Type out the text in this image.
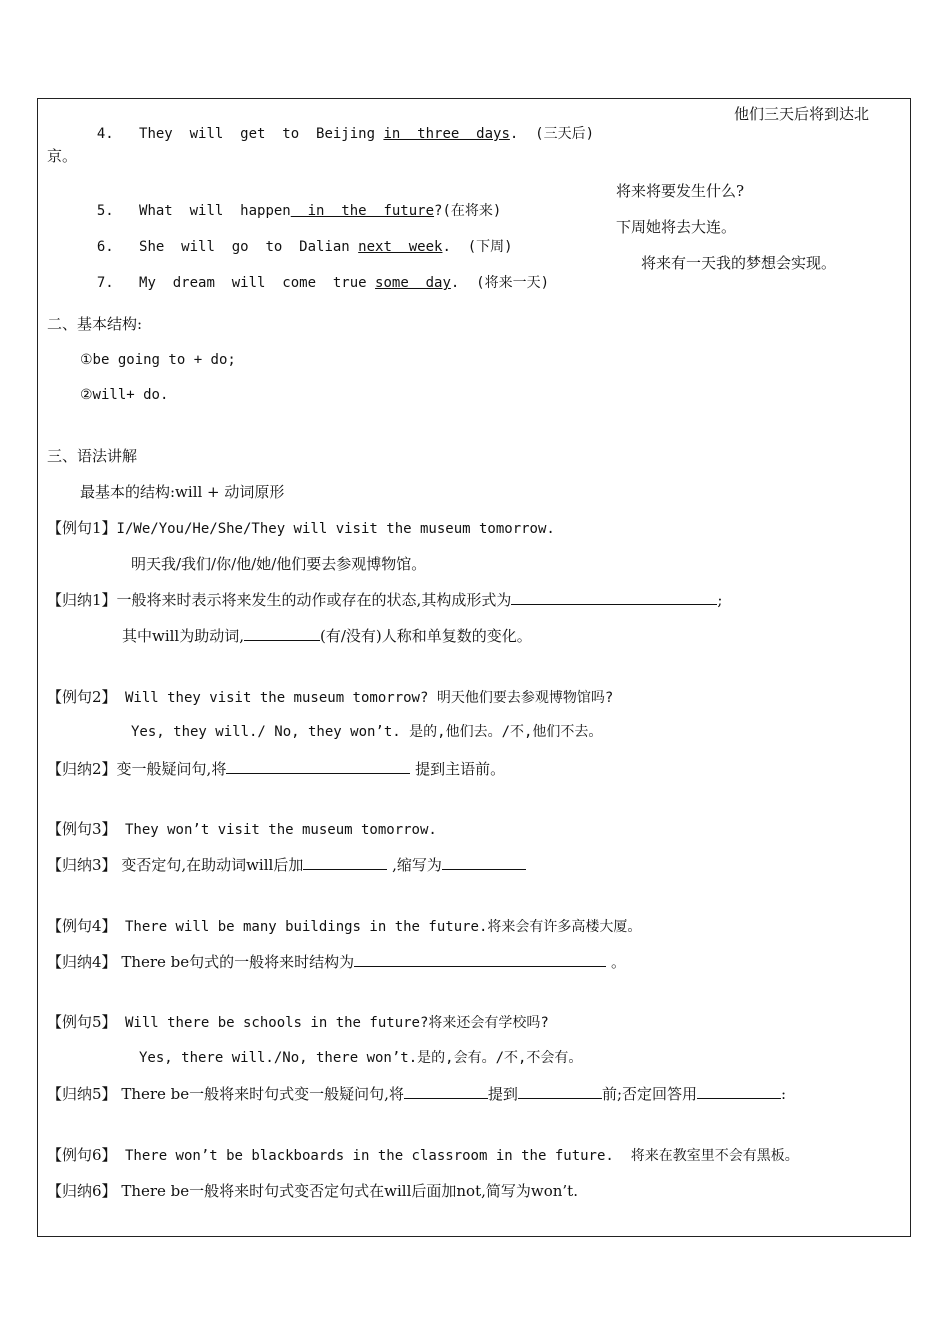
4. They  will  get  to  Beijing in  three  days.  (三天后)

他们三天后将到达北
京。

5. What  will  happen  in  the  future?(在将来)

将来将要发生什么?

6. She  will  go  to  Dalian next  week.  (下周)

下周她将去大连。

7. My  dream  will  come  true some  day.  (将来一天)

将来有一天我的梦想会实现。
二、基本结构:
①be going to + do;
②will+ do.
三、语法讲解
最基本的结构:will + 动词原形
【例句1】I/We/You/He/She/They will visit the museum tomorrow.
明天我/我们/你/他/她/他们要去参观博物馆。
【归纳1】一般将来时表示将来发生的动作或存在的状态,其构成形式为	;
其中will为助动词,	(有/没有)人称和单复数的变化。
【例句2】 Will they visit the museum tomorrow? 明天他们要去参观博物馆吗?
Yes, they will./ No, they won’t. 是的,他们去。/不,他们不去。
【归纳2】变一般疑问句,将	提到主语前。
【例句3】 They won’t visit the museum tomorrow.
【归纳3】 变否定句,在助动词will后加	,缩写为
【例句4】 There will be many buildings in the future.将来会有许多高楼大厦。
【归纳4】 There be句式的一般将来时结构为	。
【例句5】 Will there be schools in the future?将来还会有学校吗?
Yes, there will./No, there won’t.是的,会有。/不,不会有。
【归纳5】 There be一般将来时句式变一般疑问句,将	提到	前;否定回答用	:
【例句6】 There won’t be blackboards in the classroom in the future.  将来在教室里不会有黑板。
【归纳6】 There be一般将来时句式变否定句式在will后面加not,简写为won’t.
